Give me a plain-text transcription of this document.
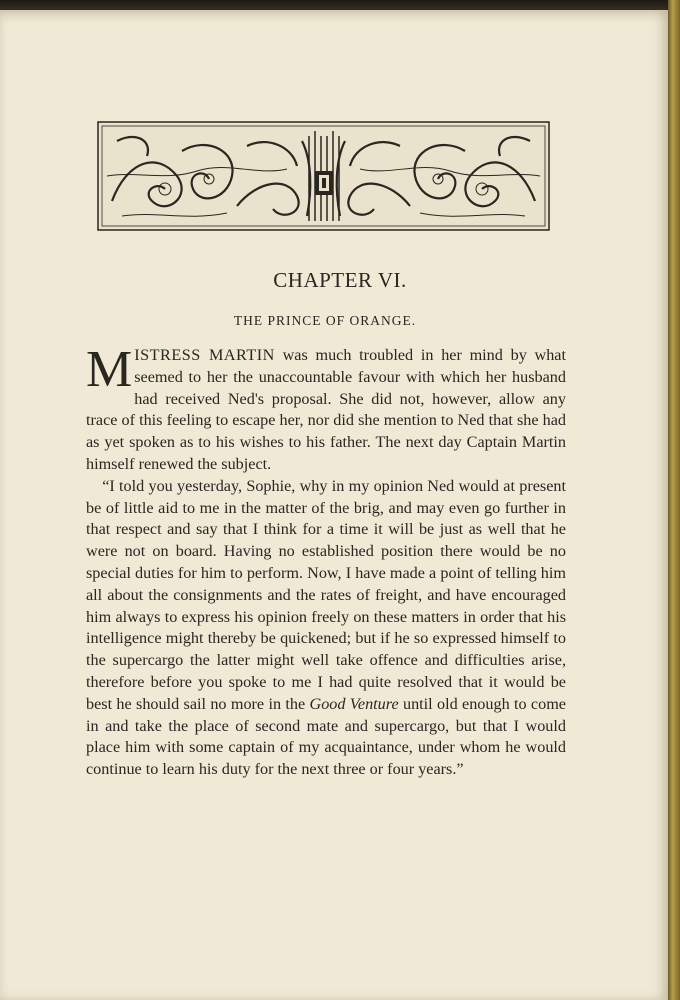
CHAPTER VI.
THE PRINCE OF ORANGE.

MISTRESS MARTIN was much troubled in her mind by what seemed to her the unaccountable favour with which her husband had received Ned's proposal. She did not, however, allow any trace of this feeling to escape her, nor did she mention to Ned that she had as yet spoken as to his wishes to his father. The next day Captain Martin himself renewed the subject.

 “I told you yesterday, Sophie, why in my opinion Ned would at present be of little aid to me in the matter of the brig, and may even go further in that respect and say that I think for a time it will be just as well that he were not on board. Having no established position there would be no special duties for him to perform. Now, I have made a point of telling him all about the consignments and the rates of freight, and have encouraged him always to express his opinion freely on these matters in order that his intelligence might thereby be quickened; but if he so expressed himself to the supercargo the latter might well take offence and difficulties arise, therefore before you spoke to me I had quite resolved that it would be best he should sail no more in the Good Venture until old enough to come in and take the place of second mate and supercargo, but that I would place him with some captain of my acquaintance, under whom he would continue to learn his duty for the next three or four years.”
